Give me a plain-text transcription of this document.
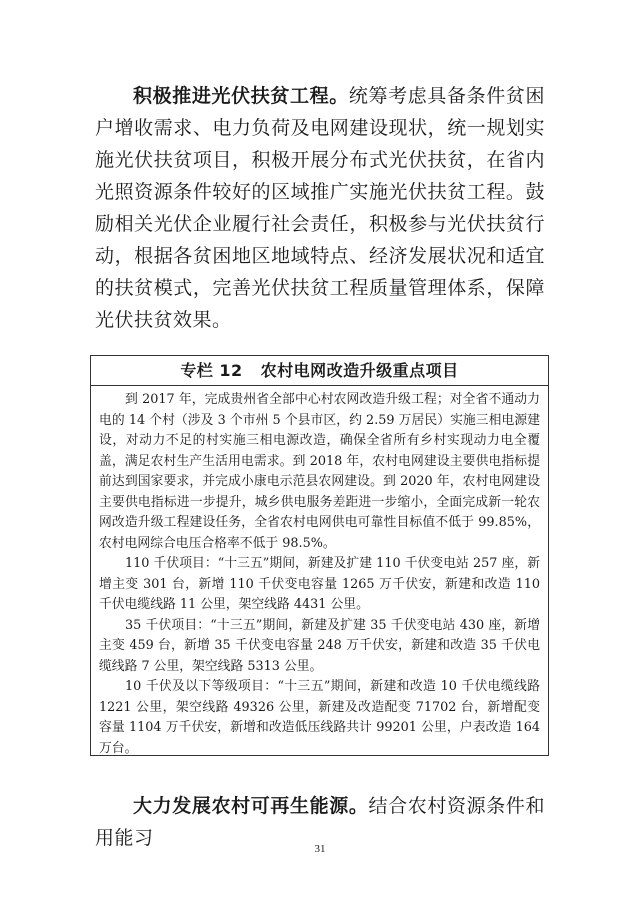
积极推进光伏扶贫工程。统筹考虑具备条件贫困户增收需求、电力负荷及电网建设现状，统一规划实施光伏扶贫项目，积极开展分布式光伏扶贫，在省内光照资源条件较好的区域推广实施光伏扶贫工程。鼓励相关光伏企业履行社会责任，积极参与光伏扶贫行动，根据各贫困地区地域特点、经济发展状况和适宜的扶贫模式，完善光伏扶贫工程质量管理体系，保障光伏扶贫效果。
专栏 12 农村电网改造升级重点项目

到 2017 年，完成贵州省全部中心村农网改造升级工程；对全省不通动力电的 14 个村（涉及 3 个市州 5 个县市区，约 2.59 万居民）实施三相电源建设，对动力不足的村实施三相电源改造，确保全省所有乡村实现动力电全覆盖，满足农村生产生活用电需求。到 2018 年，农村电网建设主要供电指标提前达到国家要求，并完成小康电示范县农网建设。到 2020 年，农村电网建设主要供电指标进一步提升，城乡供电服务差距进一步缩小，全面完成新一轮农网改造升级工程建设任务，全省农村电网供电可靠性目标值不低于 99.85%，农村电网综合电压合格率不低于 98.5%。

110 千伏项目：“十三五”期间，新建及扩建 110 千伏变电站 257 座，新增主变 301 台，新增 110 千伏变电容量 1265 万千伏安，新建和改造 110 千伏电缆线路 11 公里，架空线路 4431 公里。

35 千伏项目：“十三五”期间，新建及扩建 35 千伏变电站 430 座，新增主变 459 台，新增 35 千伏变电容量 248 万千伏安，新建和改造 35 千伏电缆线路 7 公里，架空线路 5313 公里。

10 千伏及以下等级项目：“十三五”期间，新建和改造 10 千伏电缆线路 1221 公里，架空线路 49326 公里，新建及改造配变 71702 台，新增配变容量 1104 万千伏安，新增和改造低压线路共计 99201 公里，户表改造 164 万台。

大力发展农村可再生能源。结合农村资源条件和用能习	31
